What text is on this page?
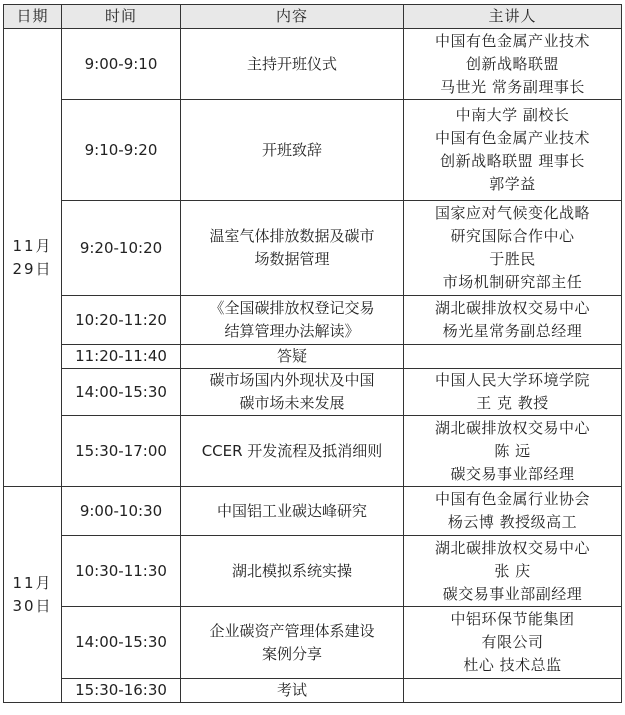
日期	时间	内容	主讲人

11月
29日	9:00-9:10	主持开班仪式	中国有色金属产业技术
创新战略联盟
马世光 常务副理事长

	9:10-9:20	开班致辞	中南大学 副校长
中国有色金属产业技术
创新战略联盟 理事长
郭学益

	9:20-10:20	温室气体排放数据及碳市
场数据管理	国家应对气候变化战略
研究国际合作中心
于胜民
市场机制研究部主任

	10:20-11:20	《全国碳排放权登记交易
结算管理办法解读》	湖北碳排放权交易中心
杨光星常务副总经理

	11:20-11:40	答疑	

	14:00-15:30	碳市场国内外现状及中国
碳市场未来发展	中国人民大学环境学院
王 克 教授

	15:30-17:00	CCER 开发流程及抵消细则	湖北碳排放权交易中心
陈 远
碳交易事业部经理

11月
30日	9:00-10:30	中国铝工业碳达峰研究	中国有色金属行业协会
杨云博 教授级高工

	10:30-11:30	湖北模拟系统实操	湖北碳排放权交易中心
张 庆
碳交易事业部副经理

	14:00-15:30	企业碳资产管理体系建设
案例分享	中铝环保节能集团
有限公司
杜心 技术总监

	15:30-16:30	考试	
